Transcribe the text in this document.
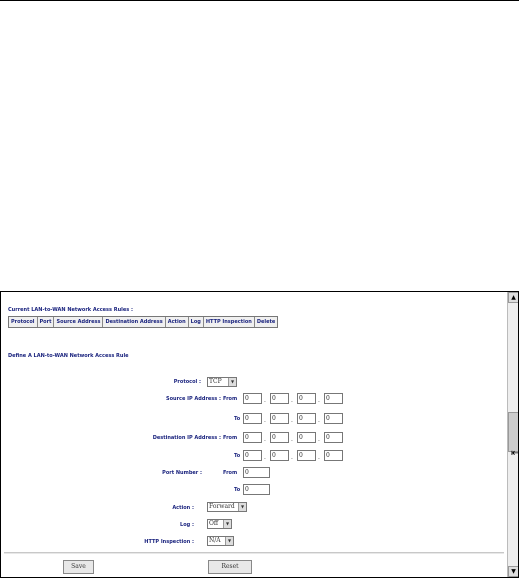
Current LAN-to-WAN Network Access Rules :
Protocol	Port	Source Address	Destination Address	Action	Log	HTTP Inspection	Delete
Define A LAN-to-WAN Network Access Rule
Protocol :	TCP	▼
Source IP Address : From	0	.	0	.	0	.	0
To 0	.	0	.	0	.	0
Destination IP Address : From	0	.	0	.	0	.	0
To 0	.	0	.	0	.	0
Port Number :	From	0
To 0
Action :	Forward	▼
Log :	Off	▼
HTTP Inspection :	N/A	▼
Save	Reset
▲
▼
⇤
